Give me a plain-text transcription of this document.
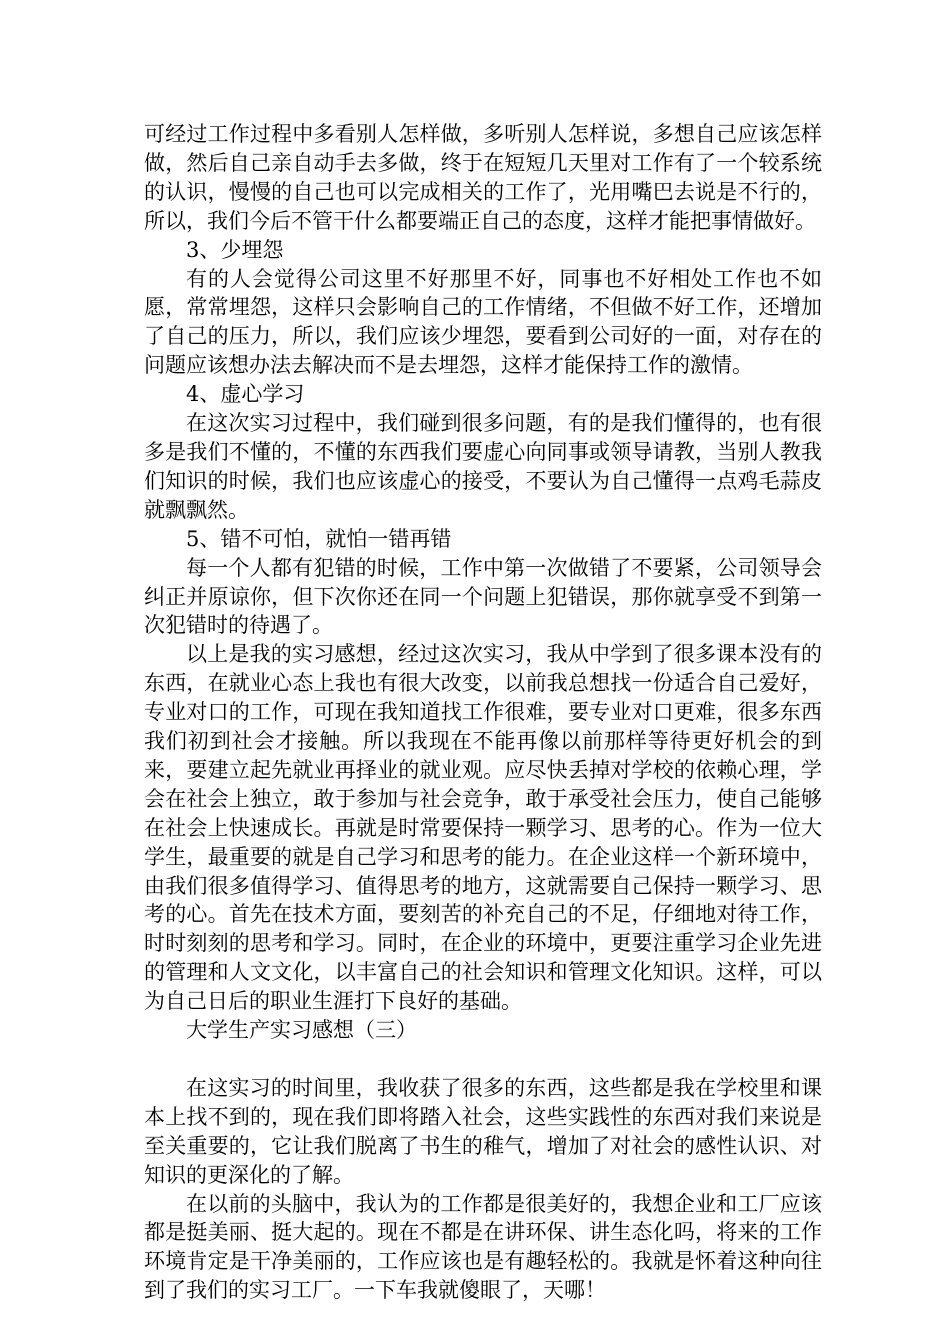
可经过工作过程中多看别人怎样做，多听别人怎样说，多想自己应该怎样做，然后自己亲自动手去多做，终于在短短几天里对工作有了一个较系统的认识，慢慢的自己也可以完成相关的工作了，光用嘴巴去说是不行的，所以，我们今后不管干什么都要端正自己的态度，这样才能把事情做好。

3、少埋怨

有的人会觉得公司这里不好那里不好，同事也不好相处工作也不如愿，常常埋怨，这样只会影响自己的工作情绪，不但做不好工作，还增加了自己的压力，所以，我们应该少埋怨，要看到公司好的一面，对存在的问题应该想办法去解决而不是去埋怨，这样才能保持工作的激情。

4、虚心学习

在这次实习过程中，我们碰到很多问题，有的是我们懂得的，也有很多是我们不懂的，不懂的东西我们要虚心向同事或领导请教，当别人教我们知识的时候，我们也应该虚心的接受，不要认为自己懂得一点鸡毛蒜皮就飘飘然。

5、错不可怕，就怕一错再错

每一个人都有犯错的时候，工作中第一次做错了不要紧，公司领导会纠正并原谅你，但下次你还在同一个问题上犯错误，那你就享受不到第一次犯错时的待遇了。

以上是我的实习感想，经过这次实习，我从中学到了很多课本没有的东西，在就业心态上我也有很大改变，以前我总想找一份适合自己爱好，专业对口的工作，可现在我知道找工作很难，要专业对口更难，很多东西我们初到社会才接触。所以我现在不能再像以前那样等待更好机会的到来，要建立起先就业再择业的就业观。应尽快丢掉对学校的依赖心理，学会在社会上独立，敢于参加与社会竞争，敢于承受社会压力，使自己能够在社会上快速成长。再就是时常要保持一颗学习、思考的心。作为一位大学生，最重要的就是自己学习和思考的能力。在企业这样一个新环境中，由我们很多值得学习、值得思考的地方，这就需要自己保持一颗学习、思考的心。首先在技术方面，要刻苦的补充自己的不足，仔细地对待工作，时时刻刻的思考和学习。同时，在企业的环境中，更要注重学习企业先进的管理和人文文化，以丰富自己的社会知识和管理文化知识。这样，可以为自己日后的职业生涯打下良好的基础。

大学生产实习感想（三）

在这实习的时间里，我收获了很多的东西，这些都是我在学校里和课本上找不到的，现在我们即将踏入社会，这些实践性的东西对我们来说是至关重要的，它让我们脱离了书生的稚气，增加了对社会的感性认识、对知识的更深化的了解。

在以前的头脑中，我认为的工作都是很美好的，我想企业和工厂应该都是挺美丽、挺大起的。现在不都是在讲环保、讲生态化吗，将来的工作环境肯定是干净美丽的，工作应该也是有趣轻松的。我就是怀着这种向往到了我们的实习工厂。一下车我就傻眼了，天哪！
